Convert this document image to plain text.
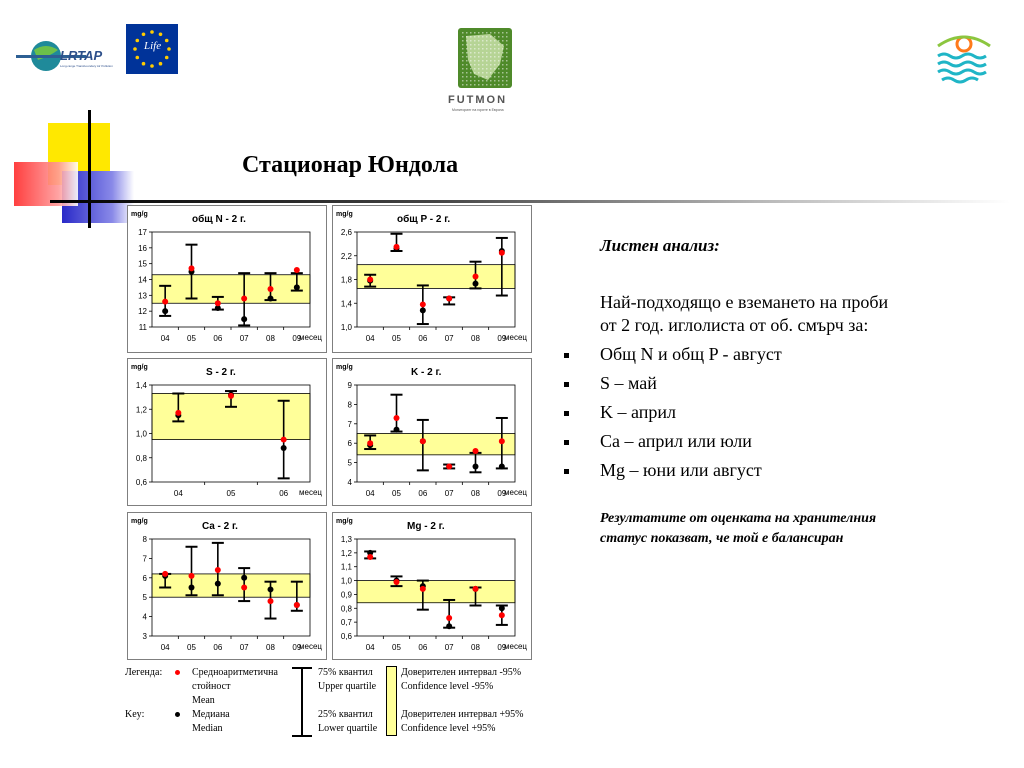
LRTAP
Long-range Transboundary Air Pollution
Life
FUTMON
Мониторинг на горите в Европа
Стационар Юндола
mg/g	общ N - 2 г.
17
16
15
14
13
12
11
04 05 06 07 08 09
месец
mg/g	общ P - 2 г.
2,6
2,2
1,8
1,4
1,0
04 05 06 07 08 09
месец
mg/g	S - 2 г.
1,4
1,2
1,0
0,8
0,6
04	05	06 месец
mg/g	K - 2 г.
9
8
7
6
5
4
04 05 06 07 08 09
месец
mg/g	Ca - 2 г.
8
7
6
5
4
3
04 05 06 07 08 09
месец
mg/g	Mg - 2 г.
1,3
1,2
1,1
1,0
0,9
0,8
0,7
0,6
04 05 06 07 08 09
месец
Легенда:
Key:
Средноаритметична
стойност
Mean
Медиана
Median
75% квантил
Upper quartile
25% квантил
Lower quartile
Доверителен интервал -95%
Confidence level -95%
Доверителен интервал +95%
Confidence level +95%
Листен анализ:
Най-подходящо е вземането на проби
от 2 год. иглолиста от об. смърч за:
Общ N и общ P - август
S – май
K – април
Ca – април или юли
Mg – юни или август
Резултатите от оценката на хранителния
статус показват, че той е балансиран
